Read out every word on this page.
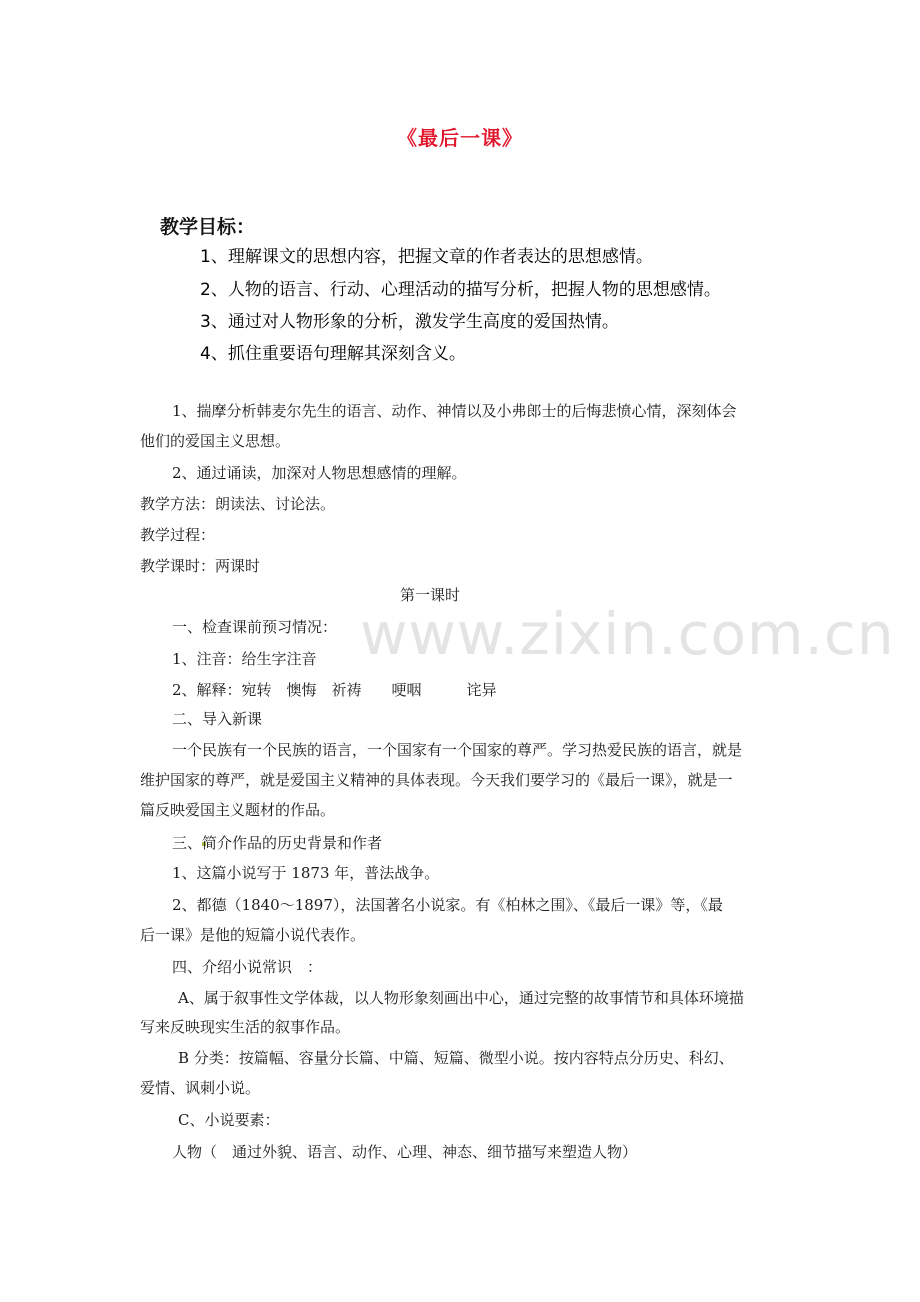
www.zixin.com.cn
《最后一课》
教学目标：
1、理解课文的思想内容，把握文章的作者表达的思想感情。
2、人物的语言、行动、心理活动的描写分析，把握人物的思想感情。
3、通过对人物形象的分析，激发学生高度的爱国热情。
4、抓住重要语句理解其深刻含义。
1、揣摩分析韩麦尔先生的语言、动作、神情以及小弗郎士的后悔悲愤心情，深刻体会
他们的爱国主义思想。
2、通过诵读，加深对人物思想感情的理解。
教学方法：朗读法、讨论法。
教学过程：
教学课时：两课时
第一课时
一、检查课前预习情况：
1、注音：给生字注音
2、解释：宛转　懊悔　祈祷　　哽咽　　　诧异
二、导入新课
一个民族有一个民族的语言，一个国家有一个国家的尊严。学习热爱民族的语言，就是
维护国家的尊严，就是爱国主义精神的具体表现。今天我们要学习的《最后一课》，就是一
篇反映爱国主义题材的作品。
三、简介作品的历史背景和作者
1、这篇小说写于 1873 年，普法战争。
2、都德（1840～1897），法国著名小说家。有《柏林之围》、《最后一课》等，《最
后一课》是他的短篇小说代表作。
四、介绍小说常识　：
A、属于叙事性文学体裁，以人物形象刻画出中心，通过完整的故事情节和具体环境描
写来反映现实生活的叙事作品。
B 分类：按篇幅、容量分长篇、中篇、短篇、微型小说。按内容特点分历史、科幻、
爱情、讽刺小说。
C、小说要素：
人物（　通过外貌、语言、动作、心理、神态、细节描写来塑造人物）
